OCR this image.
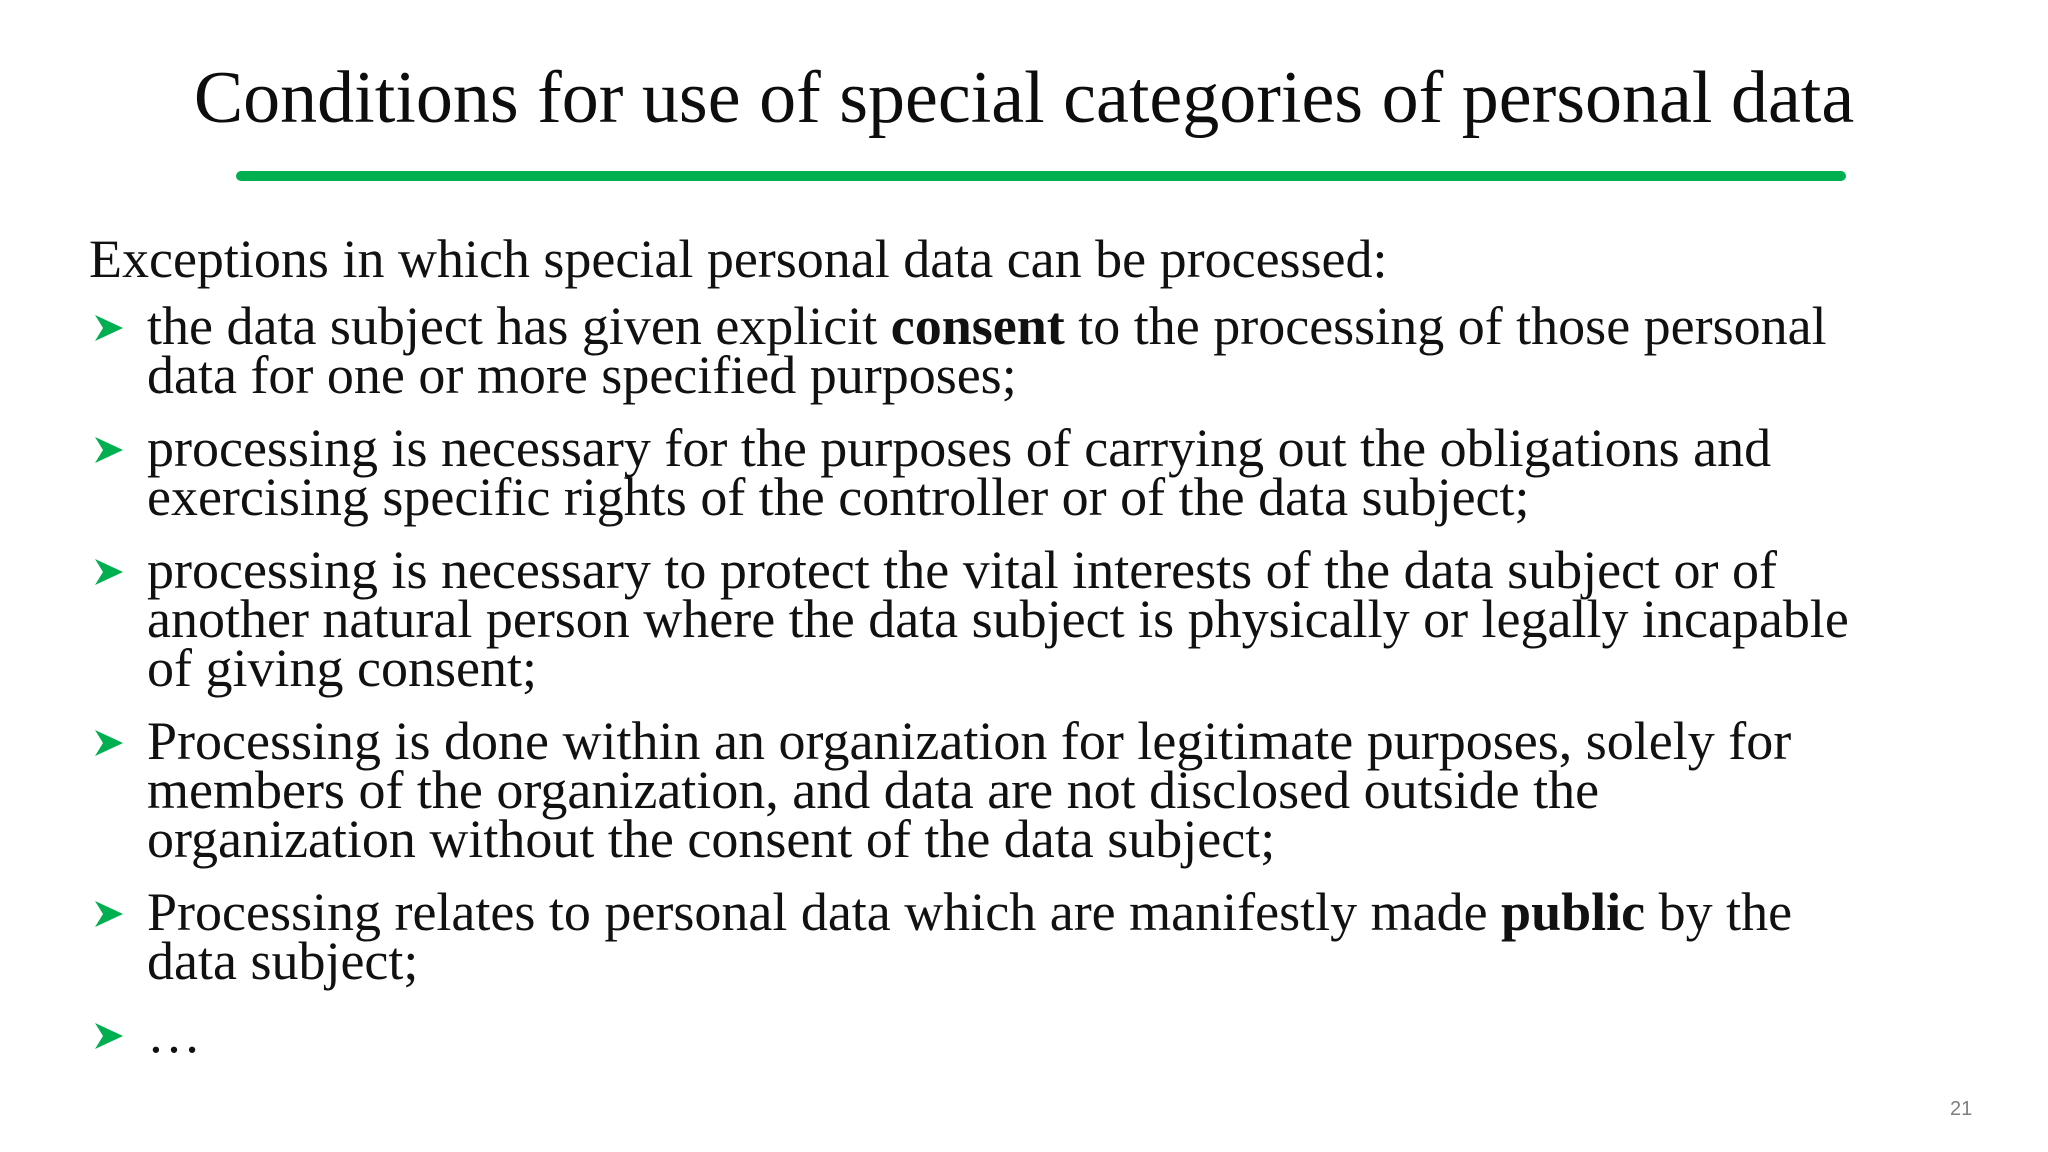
Conditions for use of special categories of personal data
Exceptions in which special personal data can be processed:
the data subject has given explicit consent to the processing of those personal
data for one or more specified purposes;
processing is necessary for the purposes of carrying out the obligations and
exercising specific rights of the controller or of the data subject;
processing is necessary to protect the vital interests of the data subject or of
another natural person where the data subject is physically or legally incapable
of giving consent;
Processing is done within an organization for legitimate purposes, solely for
members of the organization, and data are not disclosed outside the
organization without the consent of the data subject;
Processing relates to personal data which are manifestly made public by the
data subject;
…
21
